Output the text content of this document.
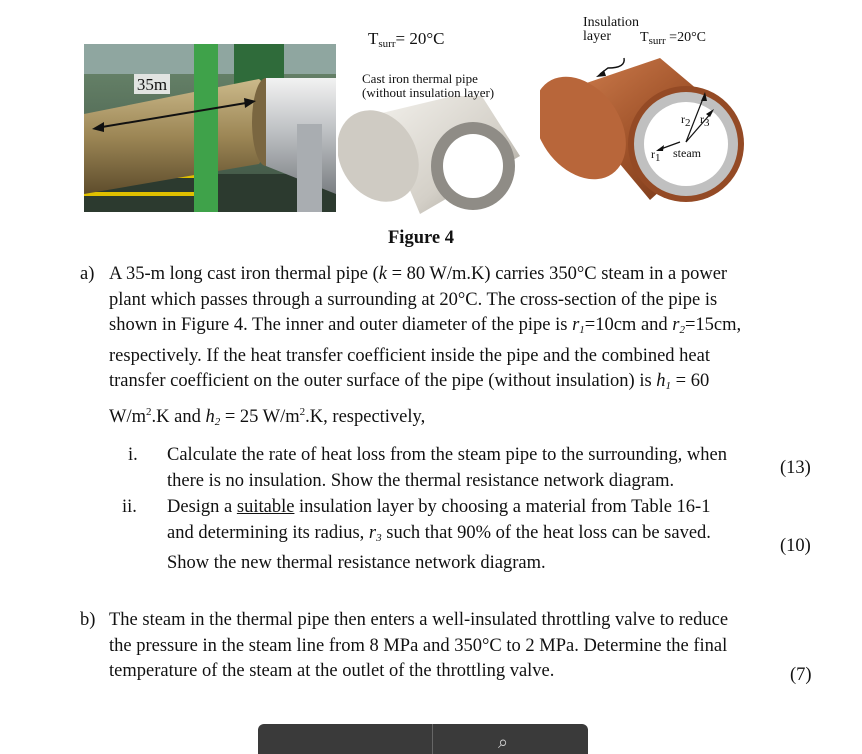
35m
$T_{surr}= 20^\circ C$
Cast iron thermal pipe
(without insulation layer)
Insulation
layer	$T_{surr} =20^\circ C$
$r_2$ $r_3$
$r_1$ steam
Figure 4
a) A 35-m long cast iron thermal pipe (k = 80 W/m.K) carries 350°C steam in a power
plant which passes through a surrounding at 20°C. The cross-section of the pipe is
shown in Figure 4. The inner and outer diameter of the pipe is $r_1=10cm$ and $r_2=15cm$,
respectively. If the heat transfer coefficient inside the pipe and the combined heat
transfer coefficient on the outer surface of the pipe (without insulation) is $h_1 = 60$
$W/m^2.K$ and $h_2 = 25$ $W/m^2.K$, respectively,
i. Calculate the rate of heat loss from the steam pipe to the surrounding, when
there is no insulation. Show the thermal resistance network diagram.
(13)
ii. Design a suitable insulation layer by choosing a material from Table 16-1
and determining its radius, $r_3$ such that 90% of the heat loss can be saved.
Show the new thermal resistance network diagram.
(10)
b) The steam in the thermal pipe then enters a well-insulated throttling valve to reduce
the pressure in the steam line from 8 MPa and 350°C to 2 MPa. Determine the final
temperature of the steam at the outlet of the throttling valve.	(7)
⌕
